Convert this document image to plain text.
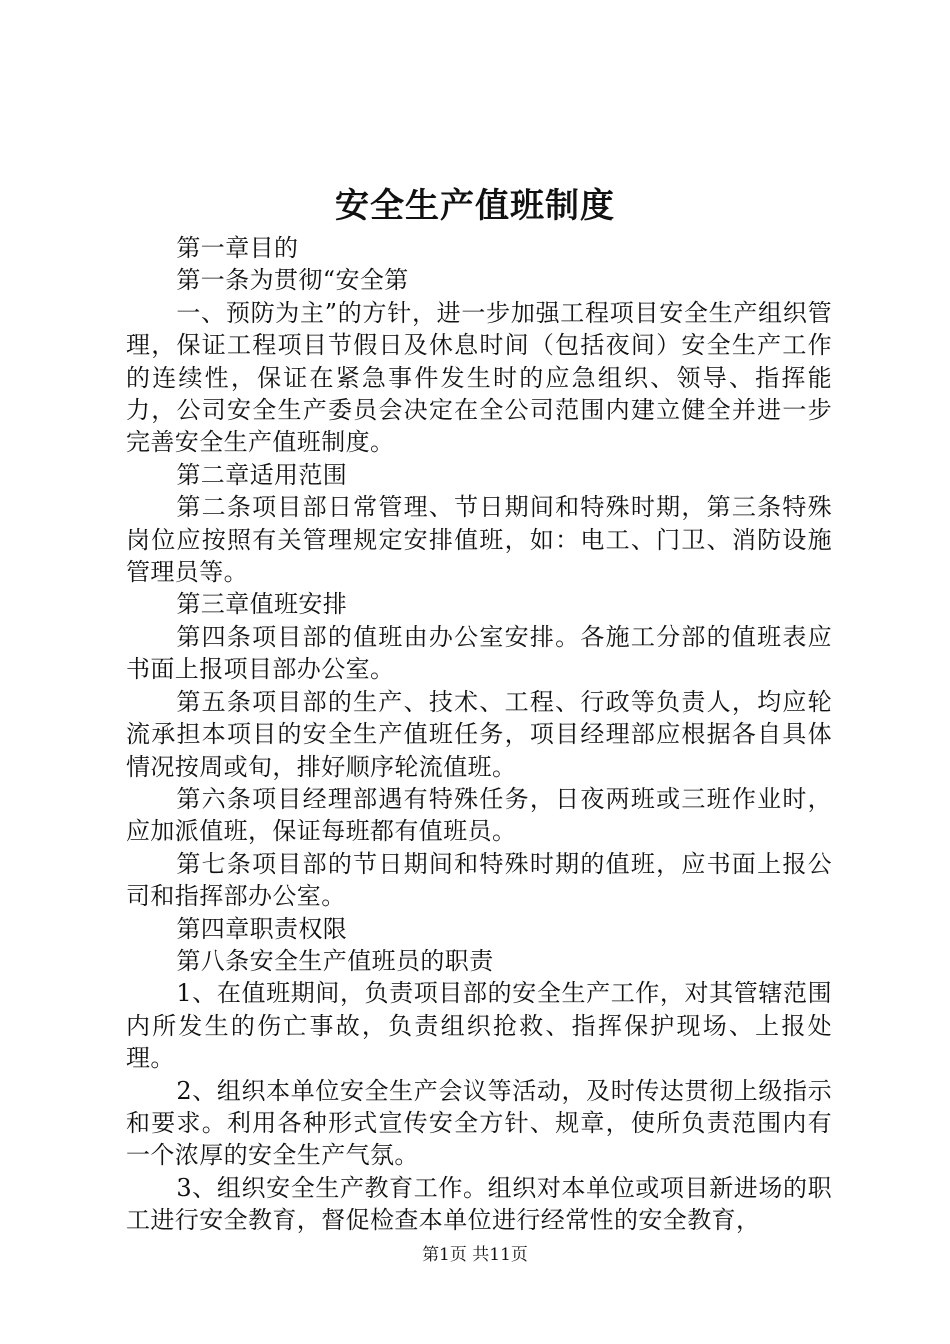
安全生产值班制度

第一章目的

第一条为贯彻“安全第

一、预防为主”的方针，进一步加强工程项目安全生产组织管理，保证工程项目节假日及休息时间（包括夜间）安全生产工作的连续性，保证在紧急事件发生时的应急组织、领导、指挥能力，公司安全生产委员会决定在全公司范围内建立健全并进一步完善安全生产值班制度。

第二章适用范围

第二条项目部日常管理、节日期间和特殊时期，第三条特殊岗位应按照有关管理规定安排值班，如：电工、门卫、消防设施管理员等。

第三章值班安排

第四条项目部的值班由办公室安排。各施工分部的值班表应书面上报项目部办公室。

第五条项目部的生产、技术、工程、行政等负责人，均应轮流承担本项目的安全生产值班任务，项目经理部应根据各自具体情况按周或旬，排好顺序轮流值班。

第六条项目经理部遇有特殊任务，日夜两班或三班作业时，应加派值班，保证每班都有值班员。

第七条项目部的节日期间和特殊时期的值班，应书面上报公司和指挥部办公室。

第四章职责权限

第八条安全生产值班员的职责

1、在值班期间，负责项目部的安全生产工作，对其管辖范围内所发生的伤亡事故，负责组织抢救、指挥保护现场、上报处理。

2、组织本单位安全生产会议等活动，及时传达贯彻上级指示和要求。利用各种形式宣传安全方针、规章，使所负责范围内有一个浓厚的安全生产气氛。

3、组织安全生产教育工作。组织对本单位或项目新进场的职工进行安全教育，督促检查本单位进行经常性的安全教育，

第1页 共11页
